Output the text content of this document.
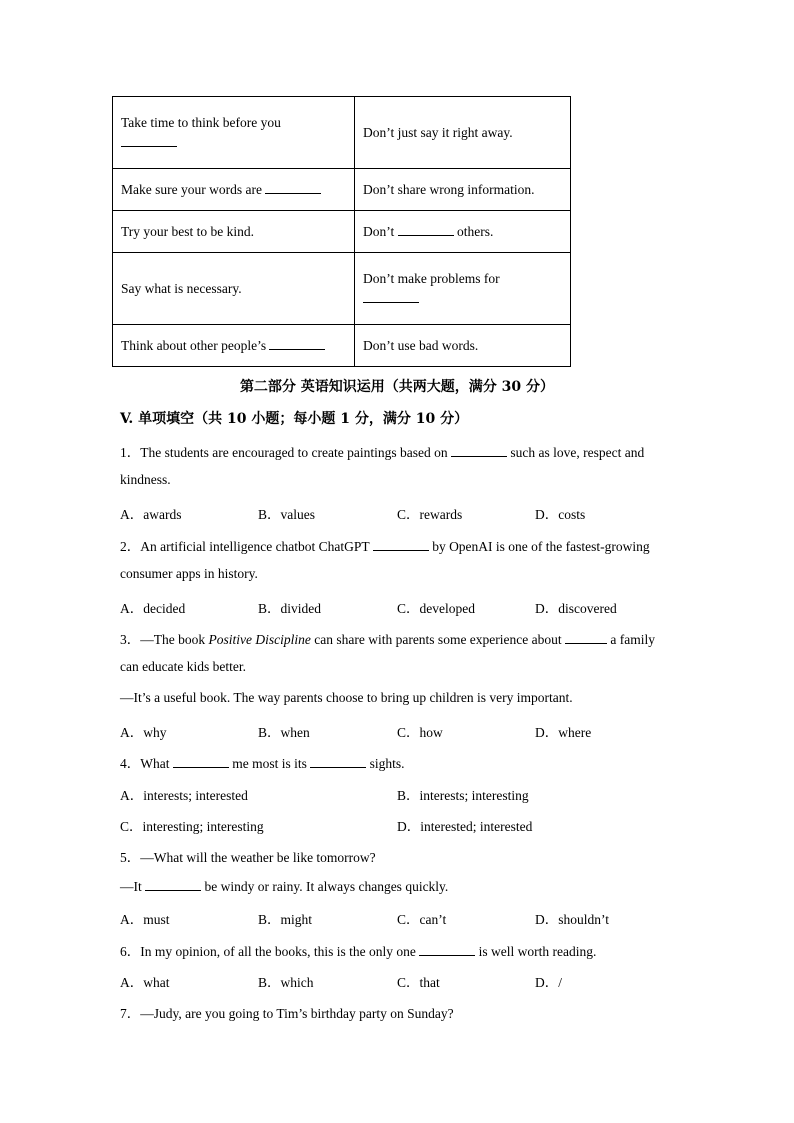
Take time to think before you	Don’t just say it right away.
Make sure your words are	Don’t share wrong information.
Try your best to be kind.	Don’t others.
Say what is necessary.	Don’t make problems for

Think about other people’s	Don’t use bad words.
第二部分 英语知识运用（共两大题，满分 30 分）
V. 单项填空（共 10 小题；每小题 1 分，满分 10 分）
1．The students are encouraged to create paintings based on	such as love, respect and
kindness.
A．awards	B．values	C．rewards	D．costs
2．An artificial intelligence chatbot ChatGPT	by OpenAI is one of the fastest-growing
consumer apps in history.
A．decided	B．divided	C．developed	D．discovered
3．—The book Positive Discipline can share with parents some experience about	a family
can educate kids better.
—It’s a useful book. The way parents choose to bring up children is very important.
A．why	B．when	C．how	D．where
4．What	me most is its	sights.
A．interests; interested	B．interests; interesting
C．interesting; interesting	D．interested; interested
5．—What will the weather be like tomorrow?
—It	be windy or rainy. It always changes quickly.
A．must	B．might	C．can’t	D．shouldn’t
6．In my opinion, of all the books, this is the only one	is well worth reading.
A．what	B．which	C．that	D．/
7．—Judy, are you going to Tim’s birthday party on Sunday?
